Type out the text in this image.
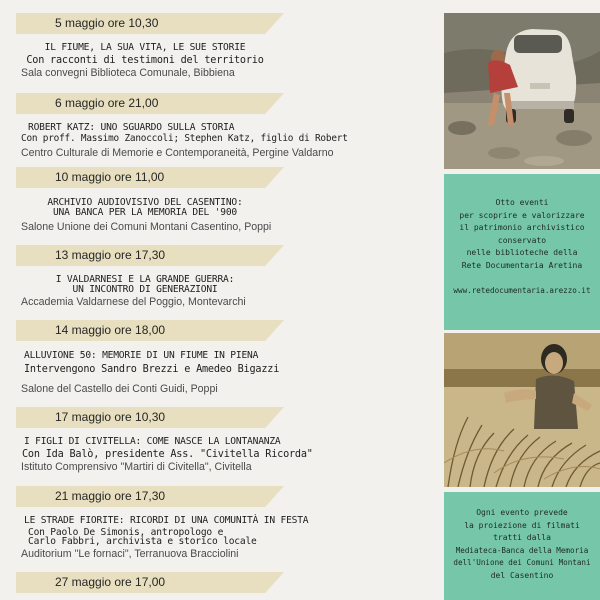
5 maggio ore 10,30
IL FIUME, LA SUA VITA, LE SUE STORIE
Con racconti di testimoni del territorio
Sala convegni Biblioteca Comunale, Bibbiena
6 maggio ore 21,00
ROBERT KATZ: UNO SGUARDO SULLA STORIA
Con proff. Massimo Zanoccoli; Stephen Katz, figlio di Robert
Centro Culturale di Memorie e Contemporaneità, Pergine Valdarno
10 maggio ore 11,00
ARCHIVIO AUDIOVISIVO DEL CASENTINO:
UNA BANCA PER LA MEMORIA DEL '900
Salone Unione dei Comuni Montani Casentino, Poppi
13 maggio ore 17,30
I VALDARNESI E LA GRANDE GUERRA:
UN INCONTRO DI GENERAZIONI
Accademia Valdarnese del Poggio, Montevarchi
14 maggio ore 18,00
ALLUVIONE 50: MEMORIE DI UN FIUME IN PIENA
Intervengono Sandro Brezzi e Amedeo Bigazzi
Salone del Castello dei Conti Guidi, Poppi
17 maggio ore 10,30
I FIGLI DI CIVITELLA: COME NASCE LA LONTANANZA
Con Ida Balò, presidente Ass. "Civitella Ricorda"
Istituto Comprensivo "Martiri di Civitella", Civitella
21 maggio ore 17,30
LE STRADE FIORITE: RICORDI DI UNA COMUNITÀ IN FESTA
Con Paolo De Simonis, antropologo e
Carlo Fabbri, archivista e storico locale
Auditorium "Le fornaci", Terranuova Bracciolini
27 maggio ore 17,00
Otto eventi
per scoprire e valorizzare
il patrimonio archivistico
conservato
nelle biblioteche della
Rete Documentaria Aretina
www.retedocumentaria.arezzo.it
Ogni evento prevede
la proiezione di filmati
tratti dalla
Mediateca-Banca della Memoria
dell'Unione dei Comuni Montani
del Casentino
